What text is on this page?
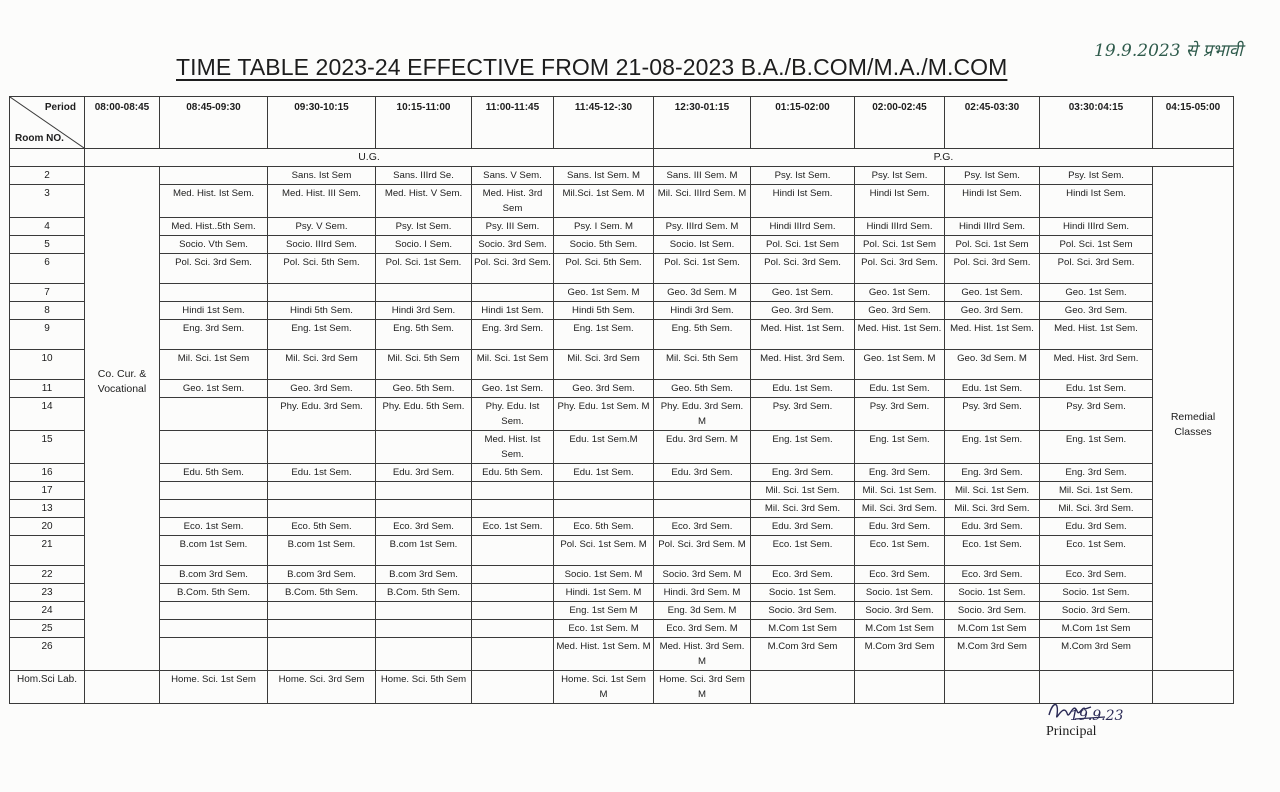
TIME TABLE 2023-24 EFFECTIVE FROM 21-08-2023 B.A./B.COM/M.A./M.COM
19.9.2023 से प्रभावी
Period
Room NO.	08:00-08:45	08:45-09:30	09:30-10:15	10:15-11:00	11:00-11:45	11:45-12-:30	12:30-01:15	01:15-02:00	02:00-02:45	02:45-03:30	03:30:04:15	04:15-05:00
	U.G.						P.G.					
2	Co. Cur. & Vocational		Sans. Ist Sem	Sans. IIIrd Se.	Sans. V Sem.	Sans. Ist Sem. M	Sans. III Sem. M	Psy. Ist Sem.	Psy. Ist Sem.	Psy. Ist Sem.	Psy. Ist Sem.	Remedial Classes
3		Med. Hist. Ist Sem.	Med. Hist. III Sem.	Med. Hist. V Sem.	Med. Hist. 3rd Sem	Mil.Sci. 1st Sem. M	Mil. Sci. IIIrd Sem. M	Hindi Ist Sem.	Hindi Ist Sem.	Hindi Ist Sem.	Hindi Ist Sem.	
4		Med. Hist..5th Sem.	Psy. V Sem.	Psy. Ist Sem.	Psy. III Sem.	Psy. I Sem. M	Psy. IIIrd Sem. M	Hindi IIIrd Sem.	Hindi IIIrd Sem.	Hindi IIIrd Sem.	Hindi IIIrd Sem.	
5		Socio. Vth Sem.	Socio. IIIrd Sem.	Socio. I Sem.	Socio. 3rd Sem.	Socio. 5th Sem.	Socio. Ist Sem.	Pol. Sci. 1st Sem	Pol. Sci. 1st Sem	Pol. Sci. 1st Sem	Pol. Sci. 1st Sem	
6		Pol. Sci. 3rd Sem.	Pol. Sci. 5th Sem.	Pol. Sci. 1st Sem.	Pol. Sci. 3rd Sem.	Pol. Sci. 5th Sem.	Pol. Sci. 1st Sem.	Pol. Sci. 3rd Sem.	Pol. Sci. 3rd Sem.	Pol. Sci. 3rd Sem.	Pol. Sci. 3rd Sem.	
7						Geo. 1st Sem. M	Geo. 3d Sem. M	Geo. 1st Sem.	Geo. 1st Sem.	Geo. 1st Sem.	Geo. 1st Sem.	
8		Hindi 1st Sem.	Hindi 5th Sem.	Hindi 3rd Sem.	Hindi 1st Sem.	Hindi 5th Sem.	Hindi 3rd Sem.	Geo. 3rd Sem.	Geo. 3rd Sem.	Geo. 3rd Sem.	Geo. 3rd Sem.	
9		Eng. 3rd Sem.	Eng. 1st Sem.	Eng. 5th Sem.	Eng. 3rd Sem.	Eng. 1st Sem.	Eng. 5th Sem.	Med. Hist. 1st Sem.	Med. Hist. 1st Sem.	Med. Hist. 1st Sem.	Med. Hist. 1st Sem.	
10		Mil. Sci. 1st Sem	Mil. Sci. 3rd Sem	Mil. Sci. 5th Sem	Mil. Sci. 1st Sem	Mil. Sci. 3rd Sem	Mil. Sci. 5th Sem	Med. Hist. 3rd Sem.	Geo. 1st Sem. M	Geo. 3d Sem. M	Med. Hist. 3rd Sem.	
11		Geo. 1st Sem.	Geo. 3rd Sem.	Geo. 5th Sem.	Geo. 1st Sem.	Geo. 3rd Sem.	Geo. 5th Sem.	Edu. 1st Sem.	Edu. 1st Sem.	Edu. 1st Sem.	Edu. 1st Sem.	
14			Phy. Edu. 3rd Sem.	Phy. Edu. 5th Sem.	Phy. Edu. Ist Sem.	Phy. Edu. 1st Sem. M	Phy. Edu. 3rd Sem. M	Psy. 3rd Sem.	Psy. 3rd Sem.	Psy. 3rd Sem.	Psy. 3rd Sem.	
15					Med. Hist. Ist Sem.	Edu. 1st Sem.M	Edu. 3rd Sem. M	Eng. 1st Sem.	Eng. 1st Sem.	Eng. 1st Sem.	Eng. 1st Sem.	
16		Edu. 5th Sem.	Edu. 1st Sem.	Edu. 3rd Sem.	Edu. 5th Sem.	Edu. 1st Sem.	Edu. 3rd Sem.	Eng. 3rd Sem.	Eng. 3rd Sem.	Eng. 3rd Sem.	Eng. 3rd Sem.	
17								Mil. Sci. 1st Sem.	Mil. Sci. 1st Sem.	Mil. Sci. 1st Sem.	Mil. Sci. 1st Sem.	
13								Mil. Sci. 3rd Sem.	Mil. Sci. 3rd Sem.	Mil. Sci. 3rd Sem.	Mil. Sci. 3rd Sem.	
20		Eco. 1st Sem.	Eco. 5th Sem.	Eco. 3rd Sem.	Eco. 1st Sem.	Eco. 5th Sem.	Eco. 3rd Sem.	Edu. 3rd Sem.	Edu. 3rd Sem.	Edu. 3rd Sem.	Edu. 3rd Sem.	
21		B.com 1st Sem.	B.com 1st Sem.	B.com 1st Sem.		Pol. Sci. 1st Sem. M	Pol. Sci. 3rd Sem. M	Eco. 1st Sem.	Eco. 1st Sem.	Eco. 1st Sem.	Eco. 1st Sem.	
22		B.com 3rd Sem.	B.com 3rd Sem.	B.com 3rd Sem.		Socio. 1st Sem. M	Socio. 3rd Sem. M	Eco. 3rd Sem.	Eco. 3rd Sem.	Eco. 3rd Sem.	Eco. 3rd Sem.	
23		B.Com. 5th Sem.	B.Com. 5th Sem.	B.Com. 5th Sem.		Hindi. 1st Sem. M	Hindi. 3rd Sem. M	Socio. 1st Sem.	Socio. 1st Sem.	Socio. 1st Sem.	Socio. 1st Sem.	
24						Eng. 1st Sem M	Eng. 3d Sem. M	Socio. 3rd Sem.	Socio. 3rd Sem.	Socio. 3rd Sem.	Socio. 3rd Sem.	
25						Eco. 1st Sem. M	Eco. 3rd Sem. M	M.Com 1st Sem	M.Com 1st Sem	M.Com 1st Sem	M.Com 1st Sem	
26						Med. Hist. 1st Sem. M	Med. Hist. 3rd Sem. M	M.Com 3rd Sem	M.Com 3rd Sem	M.Com 3rd Sem	M.Com 3rd Sem	
Hom.Sci Lab.		Home. Sci. 1st Sem	Home. Sci. 3rd Sem	Home. Sci. 5th Sem		Home. Sci. 1st Sem M	Home. Sci. 3rd Sem M					
19.9.23
Principal
